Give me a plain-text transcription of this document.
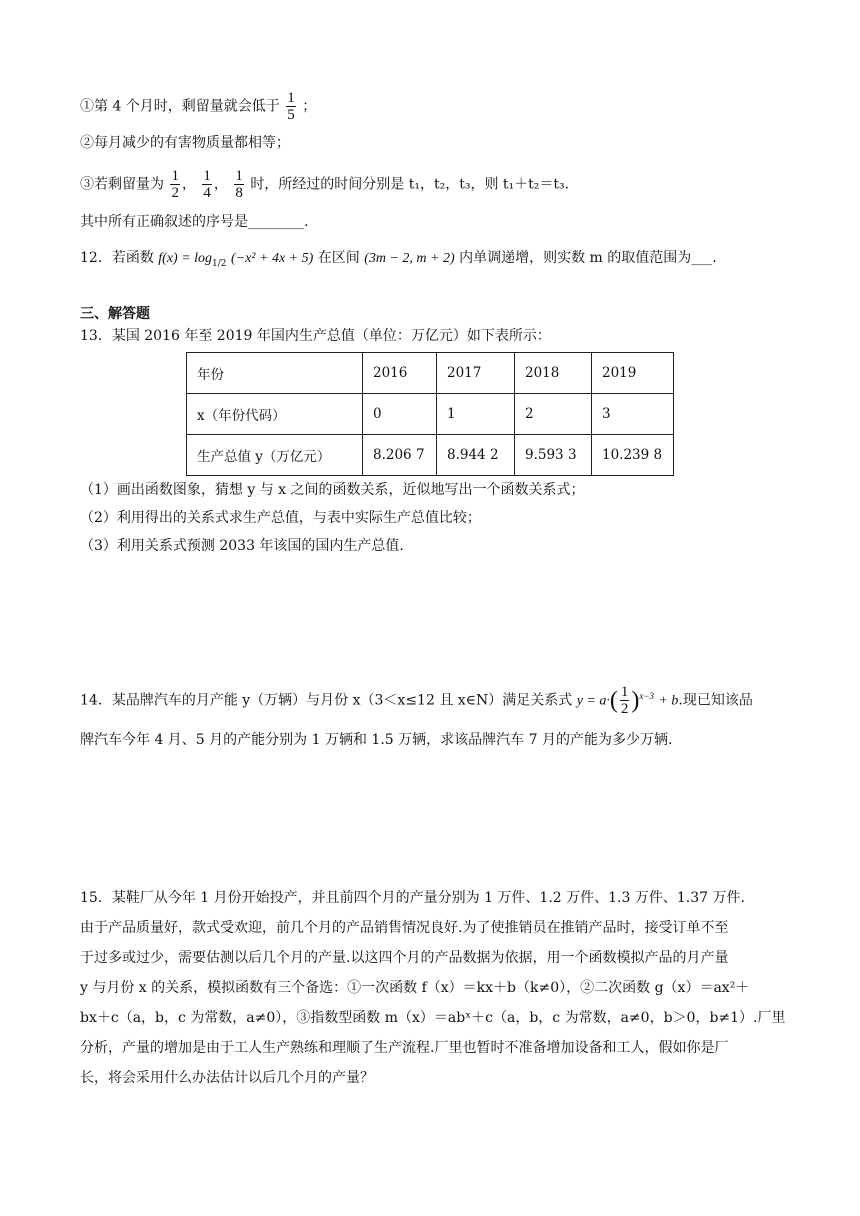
①第 4 个月时，剩留量就会低于 $\frac{1}{5}$ ；
②每月减少的有害物质量都相等；
③若剩留量为 $\frac{1}{2}$ ， $\frac{1}{4}$ ， $\frac{1}{8}$ 时，所经过的时间分别是 t₁，t₂，t₃，则 t₁＋t₂＝t₃.
其中所有正确叙述的序号是________.
12．若函数 $f(x) = \log_{1/2} (-x^2 + 4x + 5)$ 在区间 (3m − 2, m + 2) 内单调递增，则实数 m 的取值范围为___.
三、解答题
13．某国 2016 年至 2019 年国内生产总值（单位：万亿元）如下表所示：
年份	2016	2017	2018	2019
x（年份代码）	0	1	2	3
生产总值 y（万亿元）	8.206 7	8.944 2	9.593 3	10.239 8
（1）画出函数图象，猜想 y 与 x 之间的函数关系，近似地写出一个函数关系式；
（2）利用得出的关系式求生产总值，与表中实际生产总值比较；
（3）利用关系式预测 2033 年该国的国内生产总值.
14．某品牌汽车的月产能 y（万辆）与月份 x（3＜x≤12 且 x∈N）满足关系式 $y = a\cdot( \frac{1}{2} )^{x-3} + b$.现已知该品
牌汽车今年 4 月、5 月的产能分别为 1 万辆和 1.5 万辆，求该品牌汽车 7 月的产能为多少万辆.
15．某鞋厂从今年 1 月份开始投产，并且前四个月的产量分别为 1 万件、1.2 万件、1.3 万件、1.37 万件.
由于产品质量好，款式受欢迎，前几个月的产品销售情况良好.为了使推销员在推销产品时，接受订单不至
于过多或过少，需要估测以后几个月的产量.以这四个月的产品数据为依据，用一个函数模拟产品的月产量
y 与月份 x 的关系，模拟函数有三个备选：①一次函数 f（x）＝kx＋b（k≠0），②二次函数 g（x）＝ax²＋
bx＋c（a，b，c 为常数，a≠0），③指数型函数 m（x）＝abˣ＋c（a，b，c 为常数，a≠0，b＞0，b≠1）.厂里
分析，产量的增加是由于工人生产熟练和理顺了生产流程.厂里也暂时不准备增加设备和工人，假如你是厂
长，将会采用什么办法估计以后几个月的产量？
